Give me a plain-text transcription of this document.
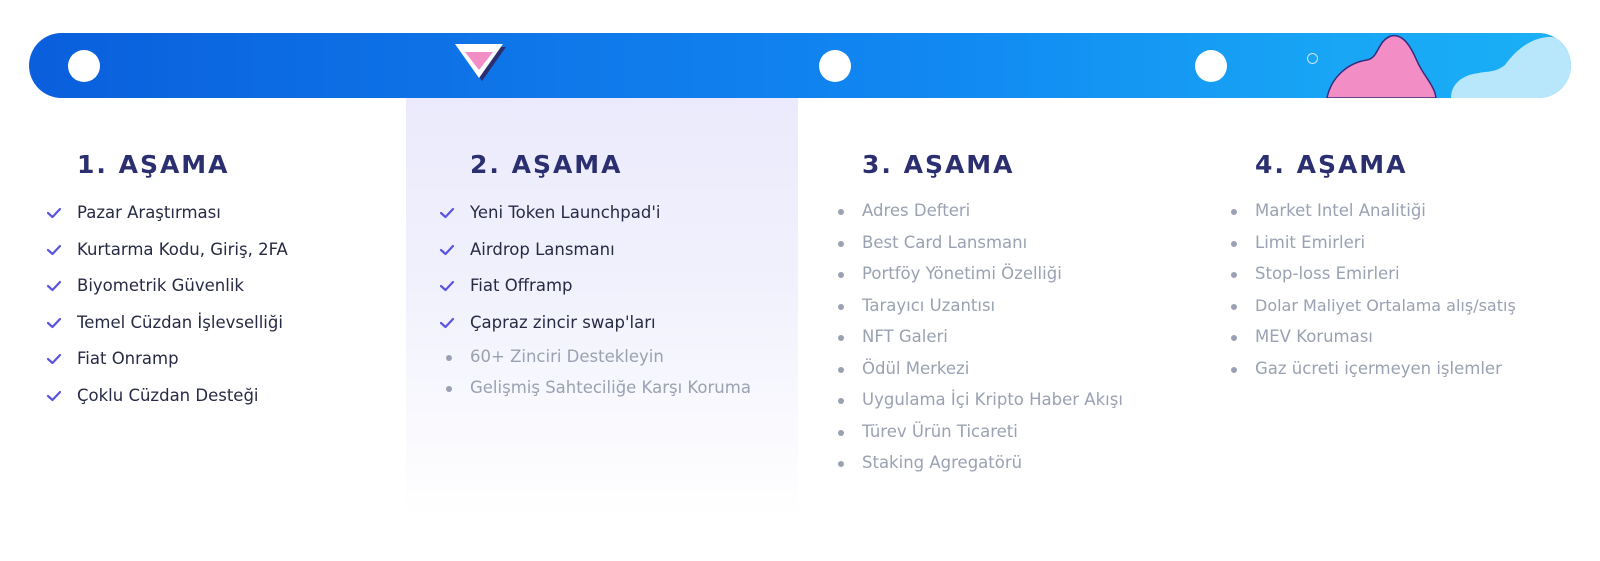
1. AŞAMA
Pazar Araştırması
Kurtarma Kodu, Giriş, 2FA
Biyometrik Güvenlik
Temel Cüzdan İşlevselliği
Fiat Onramp
Çoklu Cüzdan Desteği
2. AŞAMA
Yeni Token Launchpad'i
Airdrop Lansmanı
Fiat Offramp
Çapraz zincir swap'ları
60+ Zinciri Destekleyin
Gelişmiş Sahteciliğe Karşı Koruma
3. AŞAMA
Adres Defteri
Best Card Lansmanı
Portföy Yönetimi Özelliği
Tarayıcı Uzantısı
NFT Galeri
Ödül Merkezi
Uygulama İçi Kripto Haber Akışı
Türev Ürün Ticareti
Staking Agregatörü
4. AŞAMA
Market Intel Analitiği
Limit Emirleri
Stop-loss Emirleri
Dolar Maliyet Ortalama alış/satış
MEV Koruması
Gaz ücreti içermeyen işlemler
